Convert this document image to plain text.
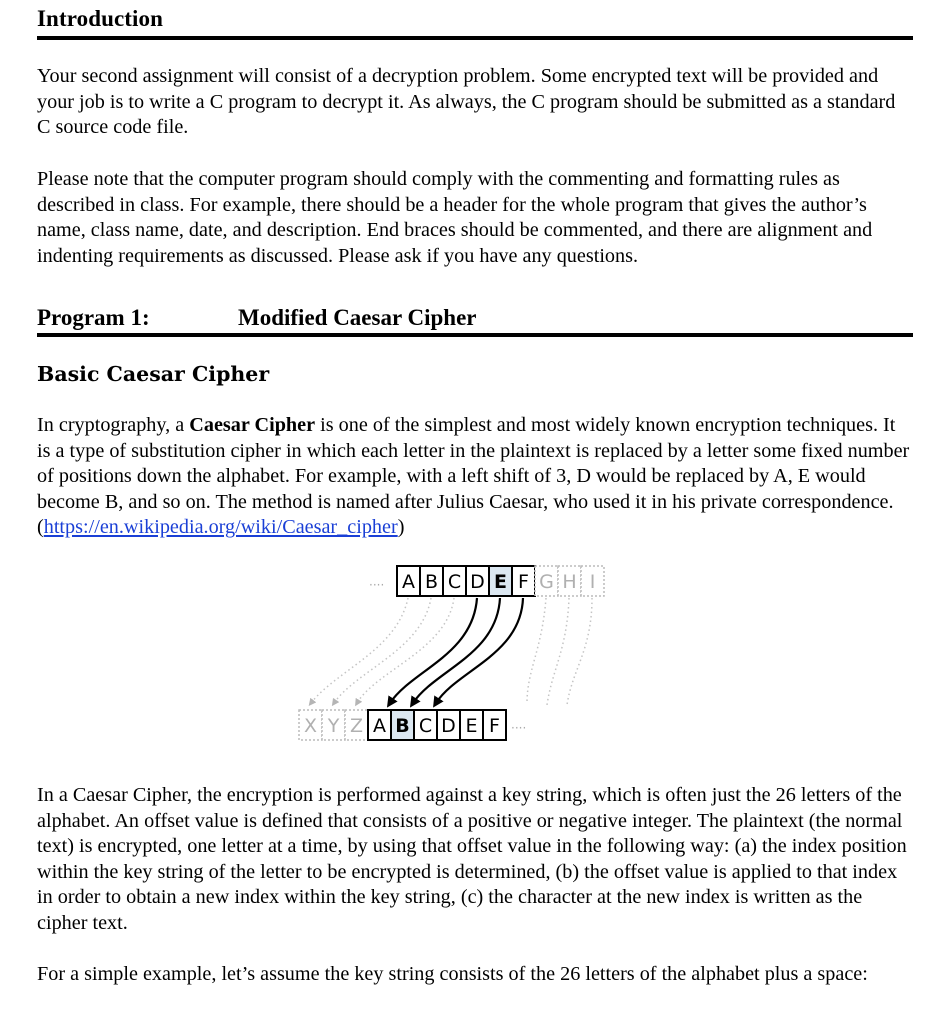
Introduction

Your second assignment will consist of a decryption problem. Some encrypted text will be provided and your job is to write a C program to decrypt it. As always, the C program should be submitted as a standard C source code file.

Please note that the computer program should comply with the commenting and formatting rules as described in class. For example, there should be a header for the whole program that gives the author’s name, class name, date, and description. End braces should be commented, and there are alignment and indenting requirements as discussed. Please ask if you have any questions.

Program 1:	Modified Caesar Cipher
Basic Caesar Cipher

In cryptography, a Caesar Cipher is one of the simplest and most widely known encryption techniques. It is a type of substitution cipher in which each letter in the plaintext is replaced by a letter some fixed number of positions down the alphabet. For example, with a left shift of 3, D would be replaced by A, E would become B, and so on. The method is named after Julius Caesar, who used it in his private correspondence. (https://en.wikipedia.org/wiki/Caesar_cipher)

···· A B C D E F G H I
X Y Z A B C D E F ····

In a Caesar Cipher, the encryption is performed against a key string, which is often just the 26 letters of the alphabet. An offset value is defined that consists of a positive or negative integer. The plaintext (the normal text) is encrypted, one letter at a time, by using that offset value in the following way: (a) the index position within the key string of the letter to be encrypted is determined, (b) the offset value is applied to that index in order to obtain a new index within the key string, (c) the character at the new index is written as the cipher text.

For a simple example, let’s assume the key string consists of the 26 letters of the alphabet plus a space:
